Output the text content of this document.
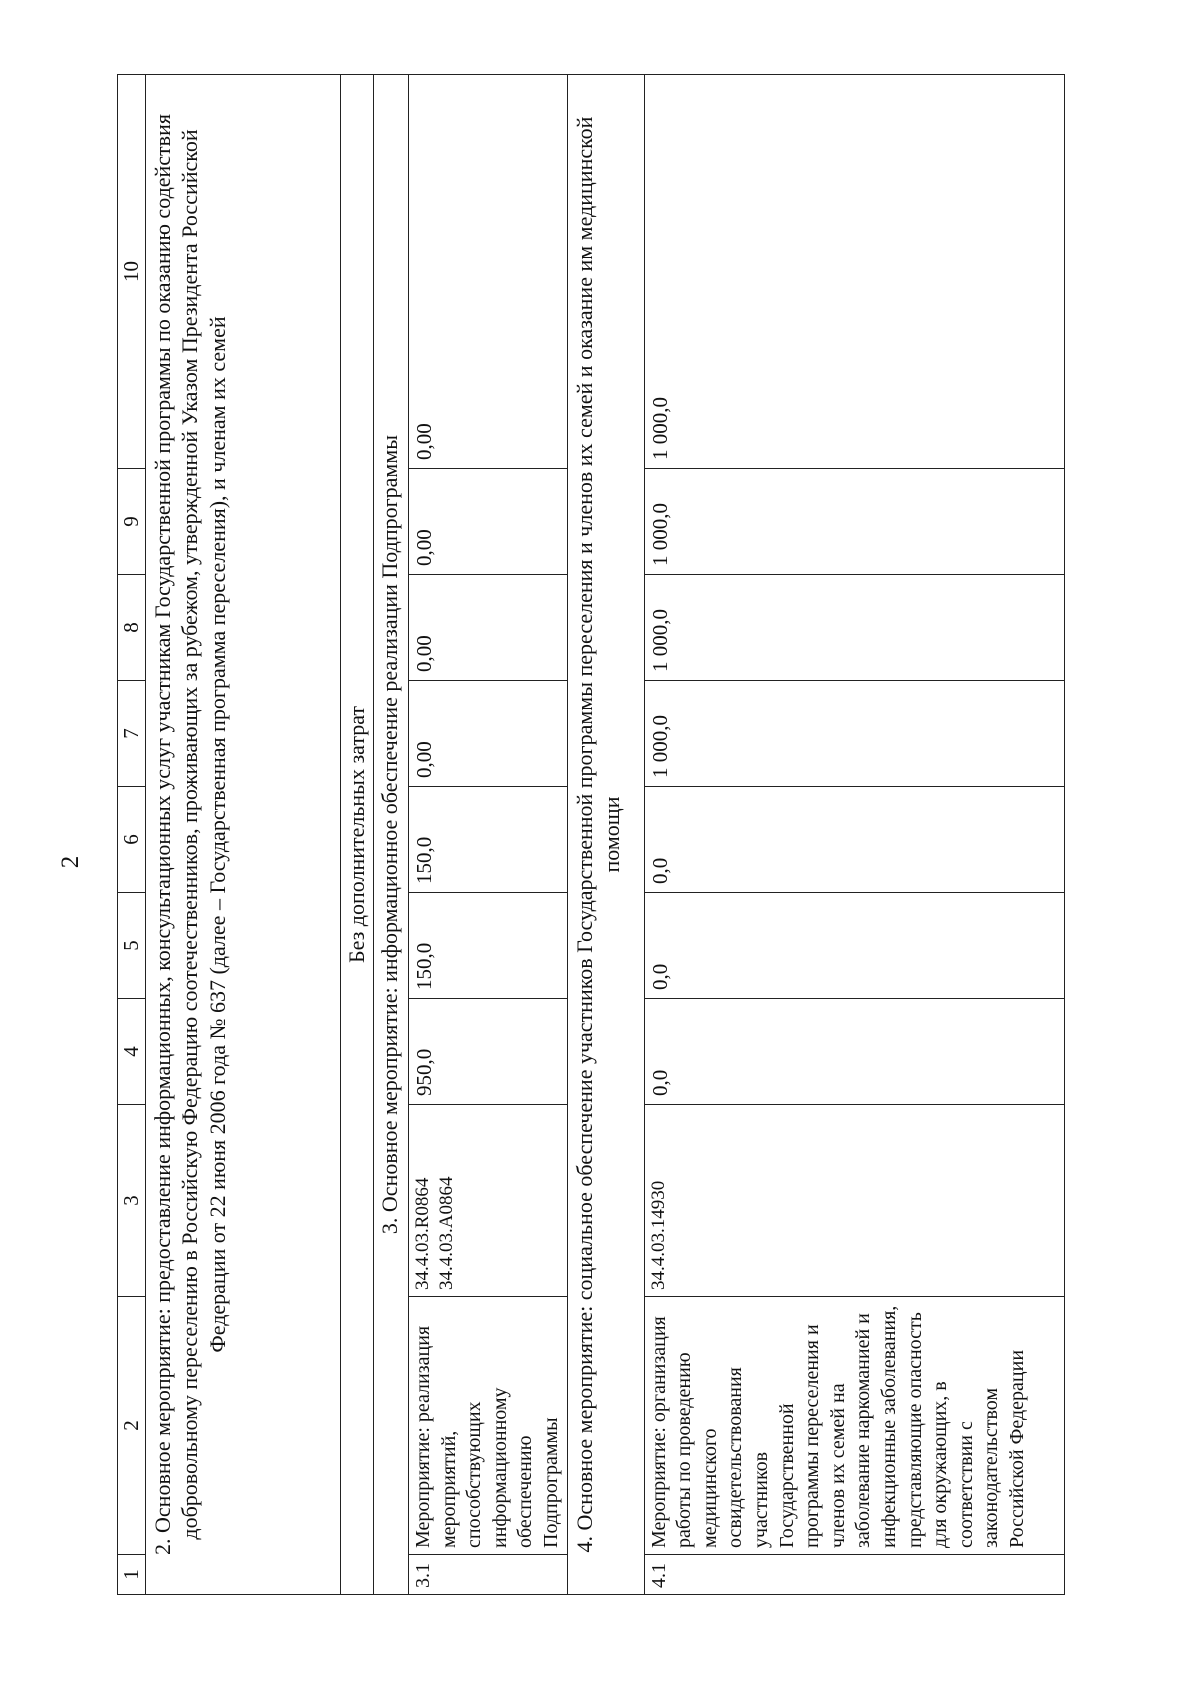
2
1	2	3	4	5	6	7	8	9	10
2. Основное мероприятие: предоставление информационных, консультационных услуг участникам Государственной программы по оказанию содействия добровольному переселению в Российскую Федерацию соотечественников, проживающих за рубежом, утвержденной Указом Президента Российской Федерации от 22 июня 2006 года № 637 (далее – Государственная программа переселения), и членам их семей									
Без дополнительных затрат									
3. Основное мероприятие: информационное обеспечение реализации Подпрограммы									
3.1	Мероприятие: реализация мероприятий, способствующих информационному обеспечению Подпрограммы	34.4.03.R0864 34.4.03.A0864	950,0	150,0	150,0	0,00	0,00	0,00	0,00
4. Основное мероприятие: социальное обеспечение участников Государственной программы переселения и членов их семей и оказание им медицинской помощи									
4.1	Мероприятие: организация работы по проведению медицинского освидетельствования участников Государственной программы переселения и членов их семей на заболевание наркоманией и инфекционные заболевания, представляющие опасность для окружающих, в соответствии с законодательством Российской Федерации	34.4.03.14930	0,0	0,0	0,0	1 000,0	1 000,0	1 000,0	1 000,0
